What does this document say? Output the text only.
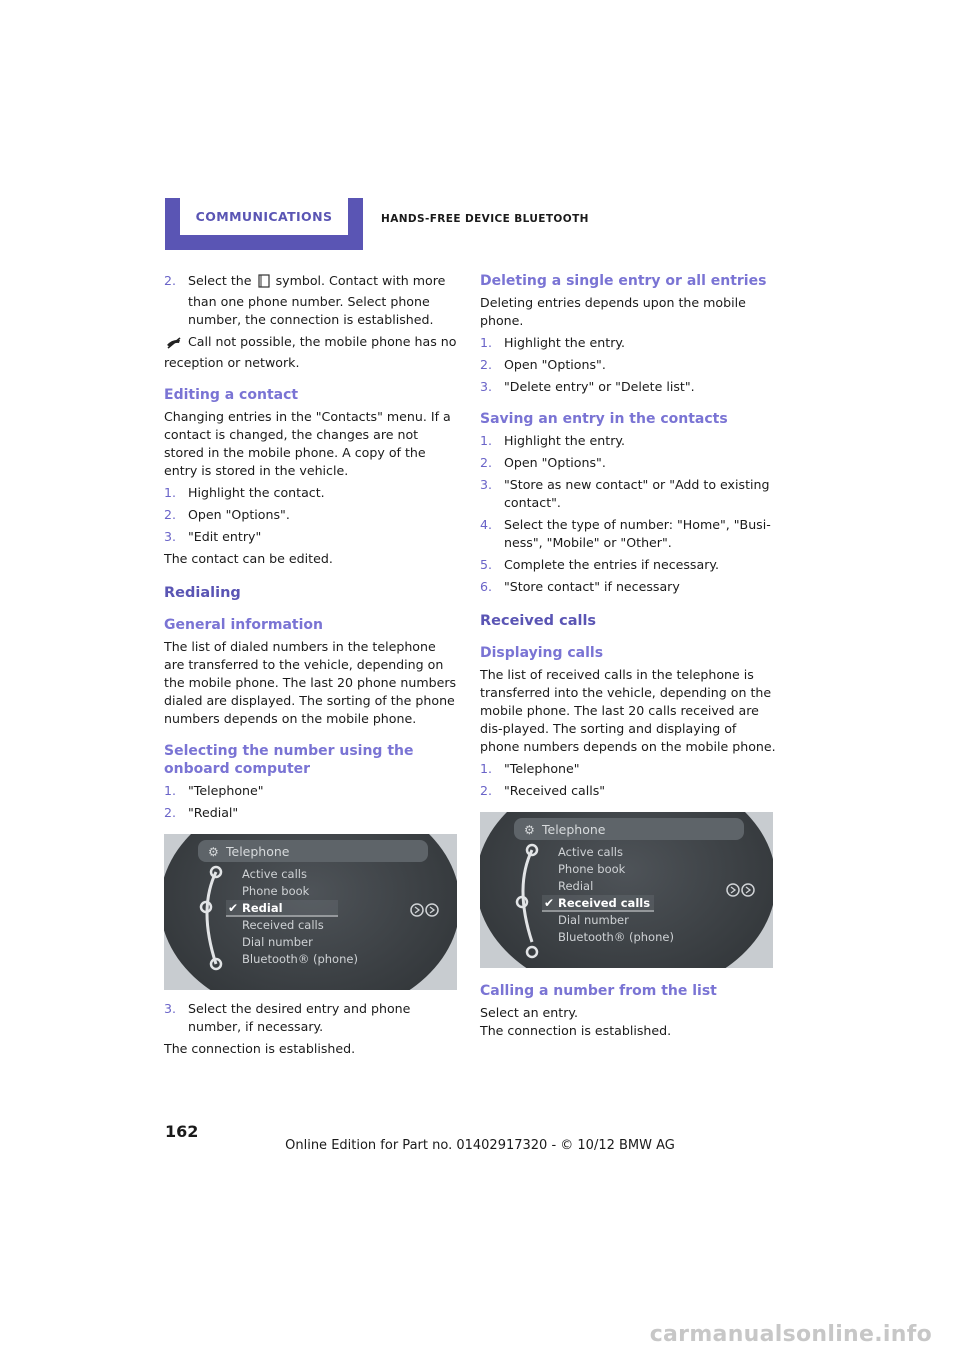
COMMUNICATIONS	HANDS-FREE DEVICE BLUETOOTH
2. Select the symbol. Contact with more than one phone number. Select phone number, the connection is established.

Call not possible, the mobile phone has no reception or network.

Editing a contact

Changing entries in the "Contacts" menu. If a contact is changed, the changes are not stored in the mobile phone. A copy of the entry is stored in the vehicle.

1. Highlight the contact.
2. Open "Options".
3. "Edit entry"

The contact can be edited.

Redialing
General information

The list of dialed numbers in the telephone are transferred to the vehicle, depending on the mobile phone. The last 20 phone numbers dialed are displayed. The sorting of the phone numbers depends on the mobile phone.

Selecting the number using the onboard computer
1. "Telephone"
2. "Redial"
⚙ Telephone
Active calls
Phone book
✔ Redial
Received calls
Dial number
Bluetooth® (phone)
3. Select the desired entry and phone number, if necessary.

The connection is established.

Deleting a single entry or all entries

Deleting entries depends upon the mobile phone.

1. Highlight the entry.
2. Open "Options".
3. "Delete entry" or "Delete list".
Saving an entry in the contacts
1. Highlight the entry.
2. Open "Options".
3. "Store as new contact" or "Add to existing contact".
4. Select the type of number: "Home", "Busi-ness", "Mobile" or "Other".
5. Complete the entries if necessary.
6. "Store contact" if necessary
Received calls
Displaying calls

The list of received calls in the telephone is transferred into the vehicle, depending on the mobile phone. The last 20 calls received are dis-played. The sorting and displaying of phone numbers depends on the mobile phone.

1. "Telephone"
2. "Received calls"
⚙ Telephone
Active calls
Phone book
Redial
✔ Received calls
Dial number
Bluetooth® (phone)
Calling a number from the list

Select an entry.

The connection is established.

162
Online Edition for Part no. 01402917320 - © 10/12 BMW AG
carmanualsonline.info
